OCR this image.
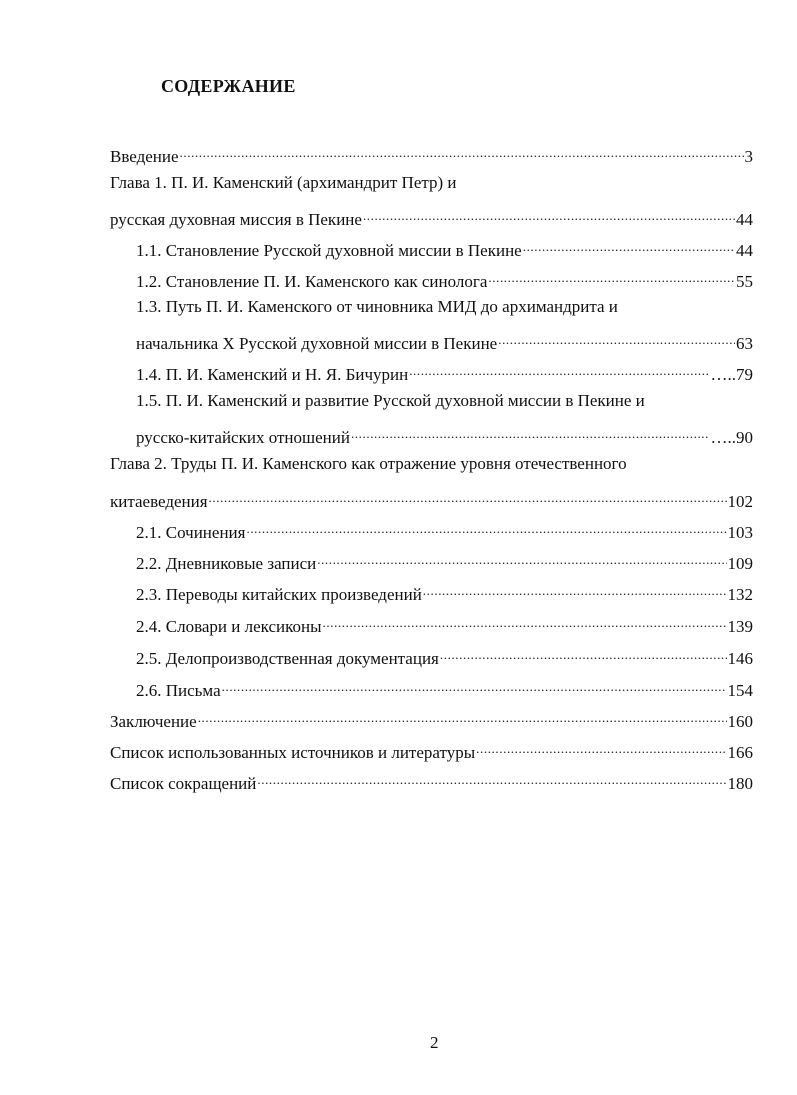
СОДЕРЖАНИЕ
Введение .....	3
Глава 1. П. И. Каменский (архимандрит Петр) и
русская духовная миссия в Пекине .....	44
1.1. Становление Русской духовной миссии в Пекине .....	44
1.2. Становление П. И. Каменского как синолога .....	55
1.3. Путь П. И. Каменского от чиновника МИД до архимандрита и
начальника X Русской духовной миссии в Пекине .....	63
1.4. П. И. Каменский и Н. Я. Бичурин .....	…..79
1.5. П. И. Каменский и развитие Русской духовной миссии в Пекине и
русско-китайских отношений .....	…..90
Глава 2. Труды П. И. Каменского как отражение уровня отечественного
китаеведения .....	102
2.1. Сочинения .....	103
2.2. Дневниковые записи .....	109
2.3. Переводы китайских произведений .....	132
2.4. Словари и лексиконы .....	139
2.5. Делопроизводственная документация .....	146
2.6. Письма .....	154
Заключение .....	160
Список использованных источников и литературы .....	166
Список сокращений .....	180
2
